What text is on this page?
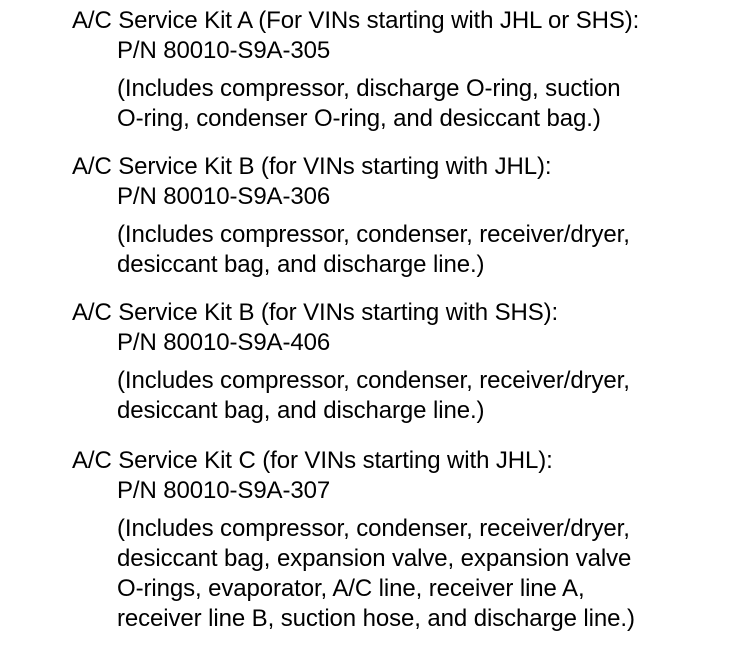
A/C Service Kit A (For VINs starting with JHL or SHS):
P/N 80010-S9A-305
(Includes compressor, discharge O-ring, suction
O-ring, condenser O-ring, and desiccant bag.)
A/C Service Kit B (for VINs starting with JHL):
P/N 80010-S9A-306
(Includes compressor, condenser, receiver/dryer,
desiccant bag, and discharge line.)
A/C Service Kit B (for VINs starting with SHS):
P/N 80010-S9A-406
(Includes compressor, condenser, receiver/dryer,
desiccant bag, and discharge line.)
A/C Service Kit C (for VINs starting with JHL):
P/N 80010-S9A-307
(Includes compressor, condenser, receiver/dryer,
desiccant bag, expansion valve, expansion valve
O-rings, evaporator, A/C line, receiver line A,
receiver line B, suction hose, and discharge line.)
